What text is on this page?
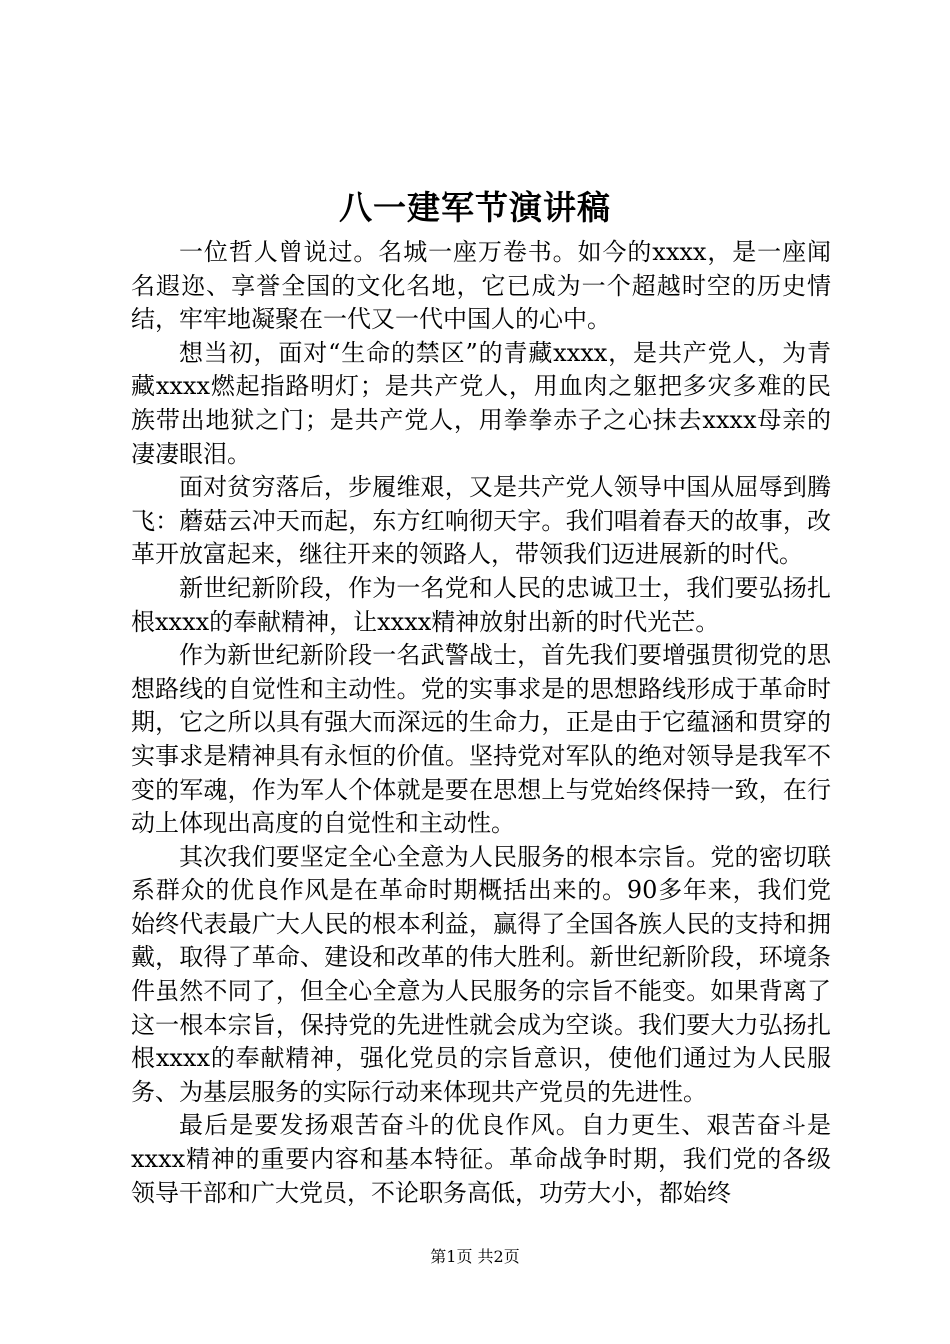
八一建军节演讲稿

一位哲人曾说过。名城一座万卷书。如今的xxxx，是一座闻名遐迩、享誉全国的文化名地，它已成为一个超越时空的历史情结，牢牢地凝聚在一代又一代中国人的心中。

想当初，面对“生命的禁区”的青藏xxxx，是共产党人，为青藏xxxx燃起指路明灯；是共产党人，用血肉之躯把多灾多难的民族带出地狱之门；是共产党人，用拳拳赤子之心抹去xxxx母亲的凄凄眼泪。

面对贫穷落后，步履维艰，又是共产党人领导中国从屈辱到腾飞：蘑菇云冲天而起，东方红响彻天宇。我们唱着春天的故事，改革开放富起来，继往开来的领路人，带领我们迈进展新的时代。

新世纪新阶段，作为一名党和人民的忠诚卫士，我们要弘扬扎根xxxx的奉献精神，让xxxx精神放射出新的时代光芒。

作为新世纪新阶段一名武警战士，首先我们要增强贯彻党的思想路线的自觉性和主动性。党的实事求是的思想路线形成于革命时期，它之所以具有强大而深远的生命力，正是由于它蕴涵和贯穿的实事求是精神具有永恒的价值。坚持党对军队的绝对领导是我军不变的军魂，作为军人个体就是要在思想上与党始终保持一致，在行动上体现出高度的自觉性和主动性。

其次我们要坚定全心全意为人民服务的根本宗旨。党的密切联系群众的优良作风是在革命时期概括出来的。90多年来，我们党始终代表最广大人民的根本利益，赢得了全国各族人民的支持和拥戴，取得了革命、建设和改革的伟大胜利。新世纪新阶段，环境条件虽然不同了，但全心全意为人民服务的宗旨不能变。如果背离了这一根本宗旨，保持党的先进性就会成为空谈。我们要大力弘扬扎根xxxx的奉献精神，强化党员的宗旨意识，使他们通过为人民服务、为基层服务的实际行动来体现共产党员的先进性。

最后是要发扬艰苦奋斗的优良作风。自力更生、艰苦奋斗是xxxx精神的重要内容和基本特征。革命战争时期，我们党的各级领导干部和广大党员，不论职务高低，功劳大小，都始终

第1页 共2页
